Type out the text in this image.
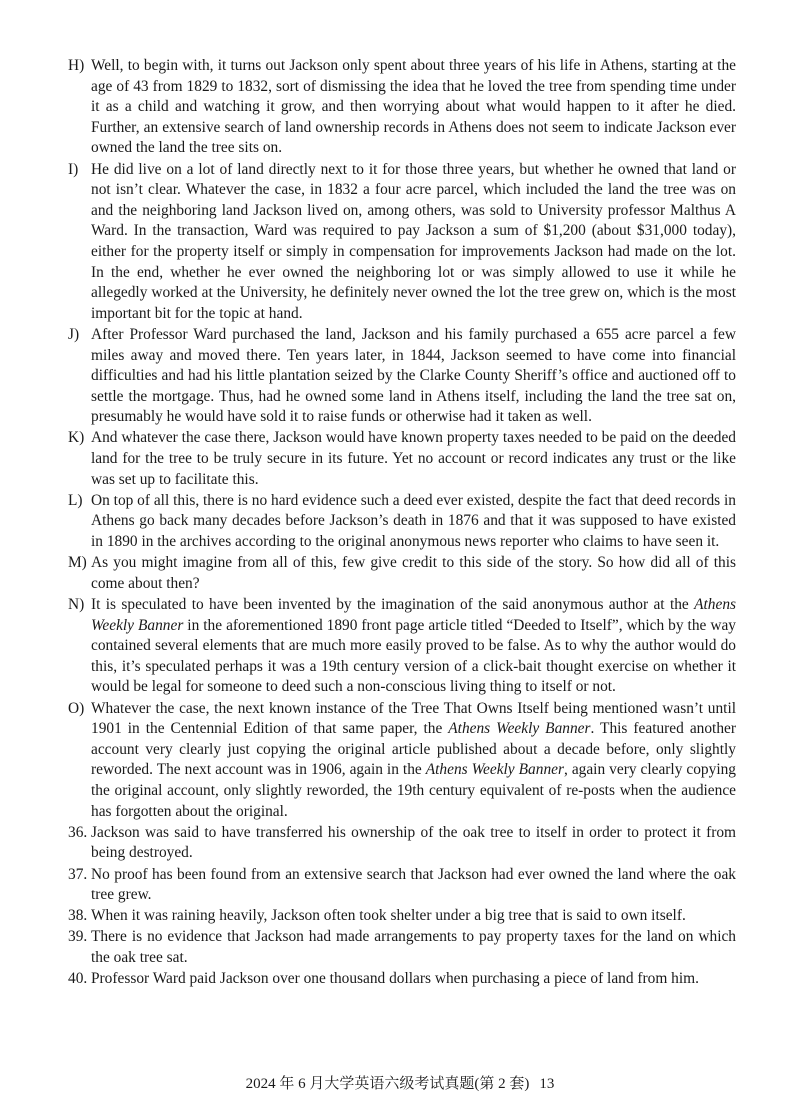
H) Well, to begin with, it turns out Jackson only spent about three years of his life in Athens, starting at the age of 43 from 1829 to 1832, sort of dismissing the idea that he loved the tree from spending time under it as a child and watching it grow, and then worrying about what would happen to it after he died. Further, an extensive search of land ownership records in Athens does not seem to indicate Jackson ever owned the land the tree sits on.
I) He did live on a lot of land directly next to it for those three years, but whether he owned that land or not isn’t clear. Whatever the case, in 1832 a four acre parcel, which included the land the tree was on and the neighboring land Jackson lived on, among others, was sold to University professor Malthus A Ward. In the transaction, Ward was required to pay Jackson a sum of $1,200 (about $31,000 today), either for the property itself or simply in compensation for improvements Jackson had made on the lot. In the end, whether he ever owned the neighboring lot or was simply allowed to use it while he allegedly worked at the University, he definitely never owned the lot the tree grew on, which is the most important bit for the topic at hand.
J) After Professor Ward purchased the land, Jackson and his family purchased a 655 acre parcel a few miles away and moved there. Ten years later, in 1844, Jackson seemed to have come into financial difficulties and had his little plantation seized by the Clarke County Sheriff’s office and auctioned off to settle the mortgage. Thus, had he owned some land in Athens itself, including the land the tree sat on, presumably he would have sold it to raise funds or otherwise had it taken as well.
K) And whatever the case there, Jackson would have known property taxes needed to be paid on the deeded land for the tree to be truly secure in its future. Yet no account or record indicates any trust or the like was set up to facilitate this.
L) On top of all this, there is no hard evidence such a deed ever existed, despite the fact that deed records in Athens go back many decades before Jackson’s death in 1876 and that it was supposed to have existed in 1890 in the archives according to the original anonymous news reporter who claims to have seen it.
M) As you might imagine from all of this, few give credit to this side of the story. So how did all of this come about then?
N) It is speculated to have been invented by the imagination of the said anonymous author at the Athens Weekly Banner in the aforementioned 1890 front page article titled “Deeded to Itself”, which by the way contained several elements that are much more easily proved to be false. As to why the author would do this, it’s speculated perhaps it was a 19th century version of a click-bait thought exercise on whether it would be legal for someone to deed such a non-conscious living thing to itself or not.
O) Whatever the case, the next known instance of the Tree That Owns Itself being mentioned wasn’t until 1901 in the Centennial Edition of that same paper, the Athens Weekly Banner. This featured another account very clearly just copying the original article published about a decade before, only slightly reworded. The next account was in 1906, again in the Athens Weekly Banner, again very clearly copying the original account, only slightly reworded, the 19th century equivalent of re-posts when the audience has forgotten about the original.
36. Jackson was said to have transferred his ownership of the oak tree to itself in order to protect it from being destroyed.
37. No proof has been found from an extensive search that Jackson had ever owned the land where the oak tree grew.
38. When it was raining heavily, Jackson often took shelter under a big tree that is said to own itself.
39. There is no evidence that Jackson had made arrangements to pay property taxes for the land on which the oak tree sat.
40. Professor Ward paid Jackson over one thousand dollars when purchasing a piece of land from him.
2024 年 6 月大学英语六级考试真题(第 2 套) 13
